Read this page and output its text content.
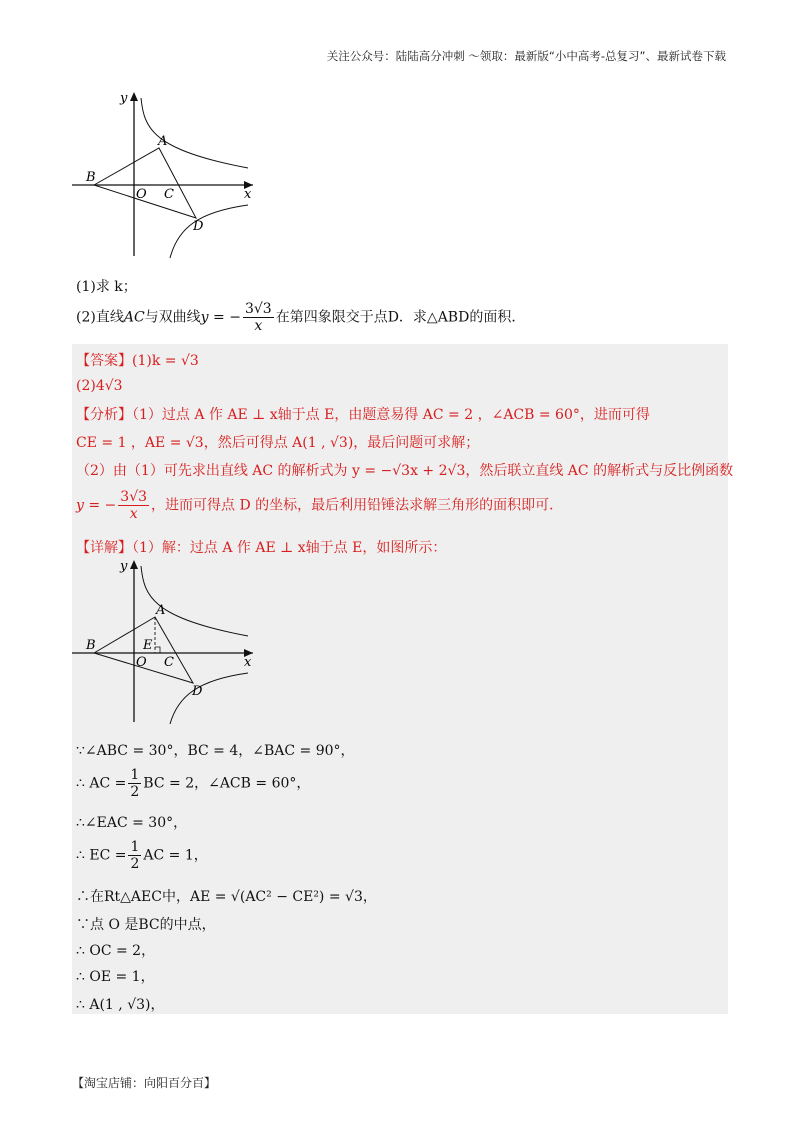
关注公众号：陆陆高分冲刺 ～领取：最新版“小中高考-总复习”、最新试卷下载
y
x
A
B
O C
D
(1)求 k；
(2)直线AC与双曲线y = − $\frac{3√3}{x}$ 在第四象限交于点D．求△ABD的面积．
【答案】(1)k = √3
(2)4√3
【分析】（1）过点 A 作 AE ⊥ x轴于点 E，由题意易得 AC = 2 ，∠ACB = 60°，进而可得
CE = 1 ，AE = √3，然后可得点 A(1 , √3)，最后问题可求解；
（2）由（1）可先求出直线 AC 的解析式为 y = −√3x + 2√3，然后联立直线 AC 的解析式与反比例函数
y = − $\frac{3√3}{x}$ ，进而可得点 D 的坐标，最后利用铅锤法求解三角形的面积即可．
【详解】（1）解：过点 A 作 AE ⊥ x轴于点 E，如图所示：
y
x
A
B	E
O C
D
∵∠ABC = 30°，BC = 4，∠BAC = 90°，
∴ AC = $\frac{1}{2}$ BC = 2，∠ACB = 60°，
∴∠EAC = 30°，
∴ EC = $\frac{1}{2}$ AC = 1，
∴在Rt△AEC中，AE = √(AC² − CE²) = √3，
∵点 O 是BC的中点，
∴ OC = 2，
∴ OE = 1，
∴ A(1 , √3)，
【淘宝店铺：向阳百分百】
